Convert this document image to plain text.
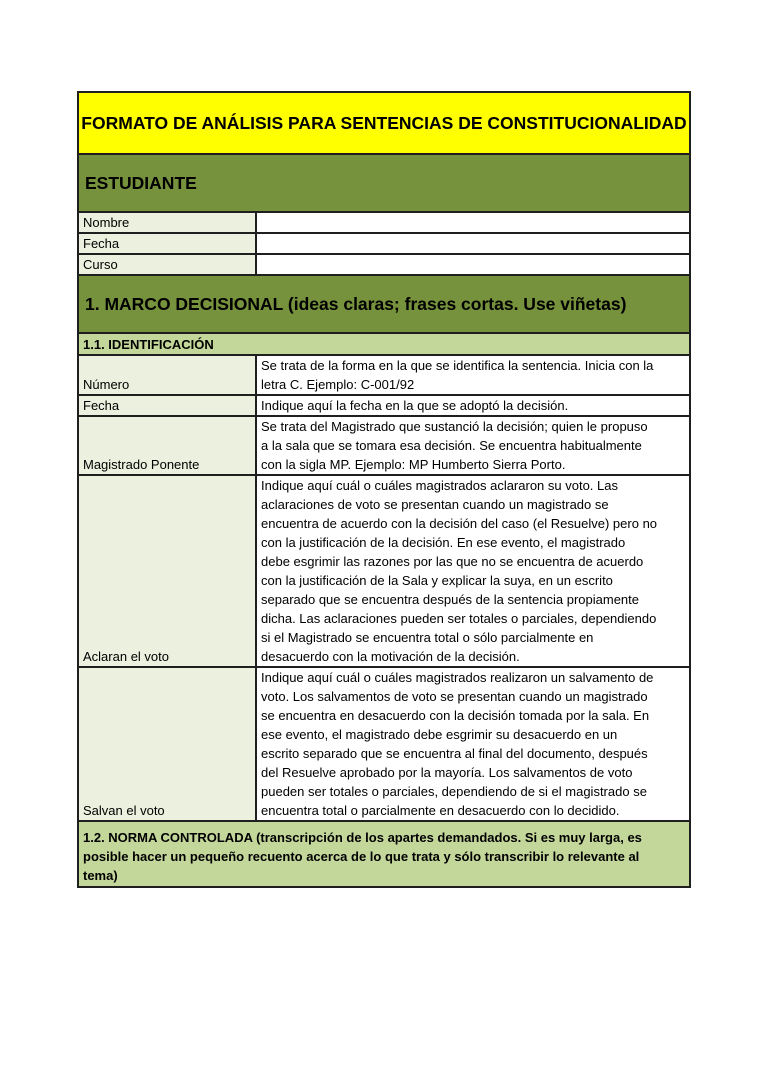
FORMATO DE ANÁLISIS PARA SENTENCIAS DE CONSTITUCIONALIDAD
ESTUDIANTE
Nombre
Fecha
Curso
1. MARCO DECISIONAL (ideas claras; frases cortas. Use viñetas)
1.1. IDENTIFICACIÓN
Número
Se trata de la forma en la que se identifica la sentencia. Inicia con la
letra C. Ejemplo: C-001/92
Fecha	Indique aquí la fecha en la que se adoptó la decisión.
Magistrado Ponente
Se trata del Magistrado que sustanció la decisión; quien le propuso
a la sala que se tomara esa decisión. Se encuentra habitualmente
con la sigla MP. Ejemplo: MP Humberto Sierra Porto.
Aclaran el voto
Indique aquí cuál o cuáles magistrados aclararon su voto. Las
aclaraciones de voto se presentan cuando un magistrado se
encuentra de acuerdo con la decisión del caso (el Resuelve) pero no
con la justificación de la decisión. En ese evento, el magistrado
debe esgrimir las razones por las que no se encuentra de acuerdo
con la justificación de la Sala y explicar la suya, en un escrito
separado que se encuentra después de la sentencia propiamente
dicha. Las aclaraciones pueden ser totales o parciales, dependiendo
si el Magistrado se encuentra total o sólo parcialmente en
desacuerdo con la motivación de la decisión.
Salvan el voto
Indique aquí cuál o cuáles magistrados realizaron un salvamento de
voto. Los salvamentos de voto se presentan cuando un magistrado
se encuentra en desacuerdo con la decisión tomada por la sala. En
ese evento, el magistrado debe esgrimir su desacuerdo en un
escrito separado que se encuentra al final del documento, después
del Resuelve aprobado por la mayoría. Los salvamentos de voto
pueden ser totales o parciales, dependiendo de si el magistrado se
encuentra total o parcialmente en desacuerdo con lo decidido.
1.2. NORMA CONTROLADA (transcripción de los apartes demandados. Si es muy larga, es
posible hacer un pequeño recuento acerca de lo que trata y sólo transcribir lo relevante al
tema)
